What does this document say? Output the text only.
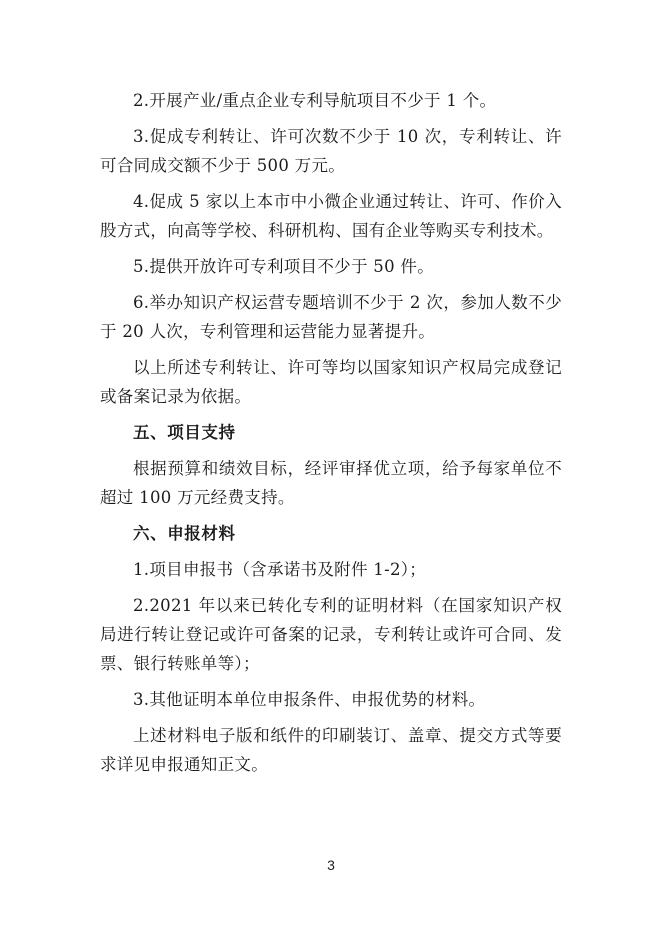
2.开展产业/重点企业专利导航项目不少于 1 个。

3.促成专利转让、许可次数不少于 10 次，专利转让、许可合同成交额不少于 500 万元。

4.促成 5 家以上本市中小微企业通过转让、许可、作价入股方式，向高等学校、科研机构、国有企业等购买专利技术。

5.提供开放许可专利项目不少于 50 件。

6.举办知识产权运营专题培训不少于 2 次，参加人数不少于 20 人次，专利管理和运营能力显著提升。

以上所述专利转让、许可等均以国家知识产权局完成登记或备案记录为依据。

五、项目支持

根据预算和绩效目标，经评审择优立项，给予每家单位不超过 100 万元经费支持。

六、申报材料

1.项目申报书（含承诺书及附件 1-2）；

2.2021 年以来已转化专利的证明材料（在国家知识产权局进行转让登记或许可备案的记录，专利转让或许可合同、发票、银行转账单等）；

3.其他证明本单位申报条件、申报优势的材料。

上述材料电子版和纸件的印刷装订、盖章、提交方式等要求详见申报通知正文。

3
